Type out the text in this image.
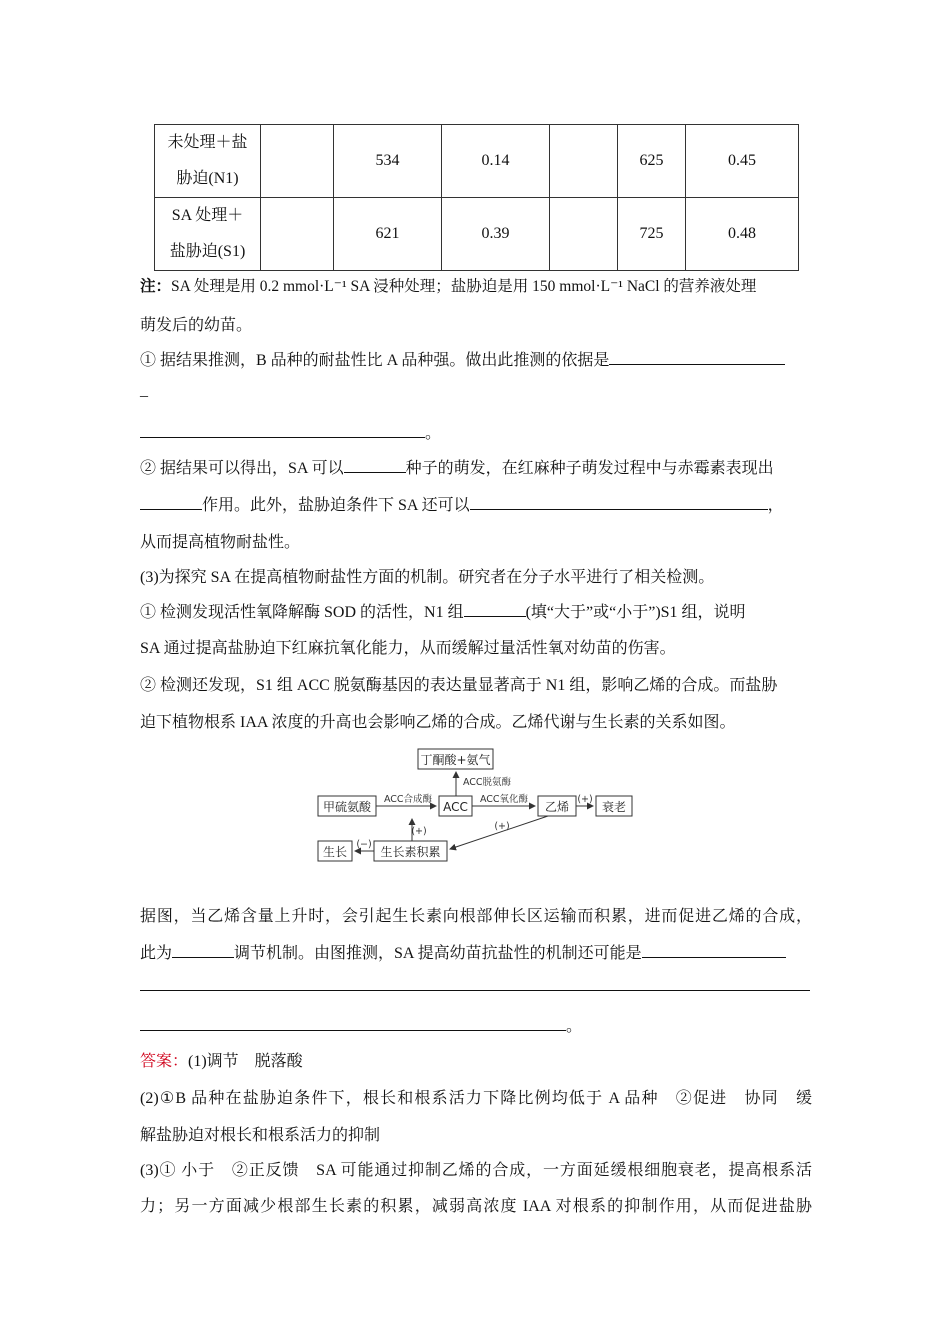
未处理＋盐
胁迫(N1)		534	0.14		625	0.45
SA 处理＋
盐胁迫(S1)		621	0.39		725	0.48
注：SA 处理是用 0.2 mmol·L⁻¹ SA 浸种处理；盐胁迫是用 150 mmol·L⁻¹ NaCl 的营养液处理
萌发后的幼苗。
① 据结果推测，B 品种的耐盐性比 A 品种强。做出此推测的依据是
_
。
② 据结果可以得出，SA 可以	种子的萌发，在红麻种子萌发过程中与赤霉素表现出
作用。此外，盐胁迫条件下 SA 还可以	，
从而提高植物耐盐性。
(3)为探究 SA 在提高植物耐盐性方面的机制。研究者在分子水平进行了相关检测。
① 检测发现活性氧降解酶 SOD 的活性，N1 组	(填“大于”或“小于”)S1 组，说明
SA 通过提高盐胁迫下红麻抗氧化能力，从而缓解过量活性氧对幼苗的伤害。
② 检测还发现，S1 组 ACC 脱氨酶基因的表达量显著高于 N1 组，影响乙烯的合成。而盐胁
迫下植物根系 IAA 浓度的升高也会影响乙烯的合成。乙烯代谢与生长素的关系如图。
丁酮酸+氨气
甲硫氨酸	ACC	乙烯	衰老
生长	生长素积累
ACC合成酶
ACC脱氨酶
ACC氧化酶	(+)
(+)	(+)
(−)
据图，当乙烯含量上升时，会引起生长素向根部伸长区运输而积累，进而促进乙烯的合成，
此为	调节机制。由图推测，SA 提高幼苗抗盐性的机制还可能是
。
答案：(1)调节　脱落酸
(2)①B 品种在盐胁迫条件下，根长和根系活力下降比例均低于 A 品种　②促进　协同　缓
解盐胁迫对根长和根系活力的抑制
(3)① 小于　②正反馈　SA 可能通过抑制乙烯的合成，一方面延缓根细胞衰老，提高根系活
力；另一方面减少根部生长素的积累，减弱高浓度 IAA 对根系的抑制作用，从而促进盐胁
